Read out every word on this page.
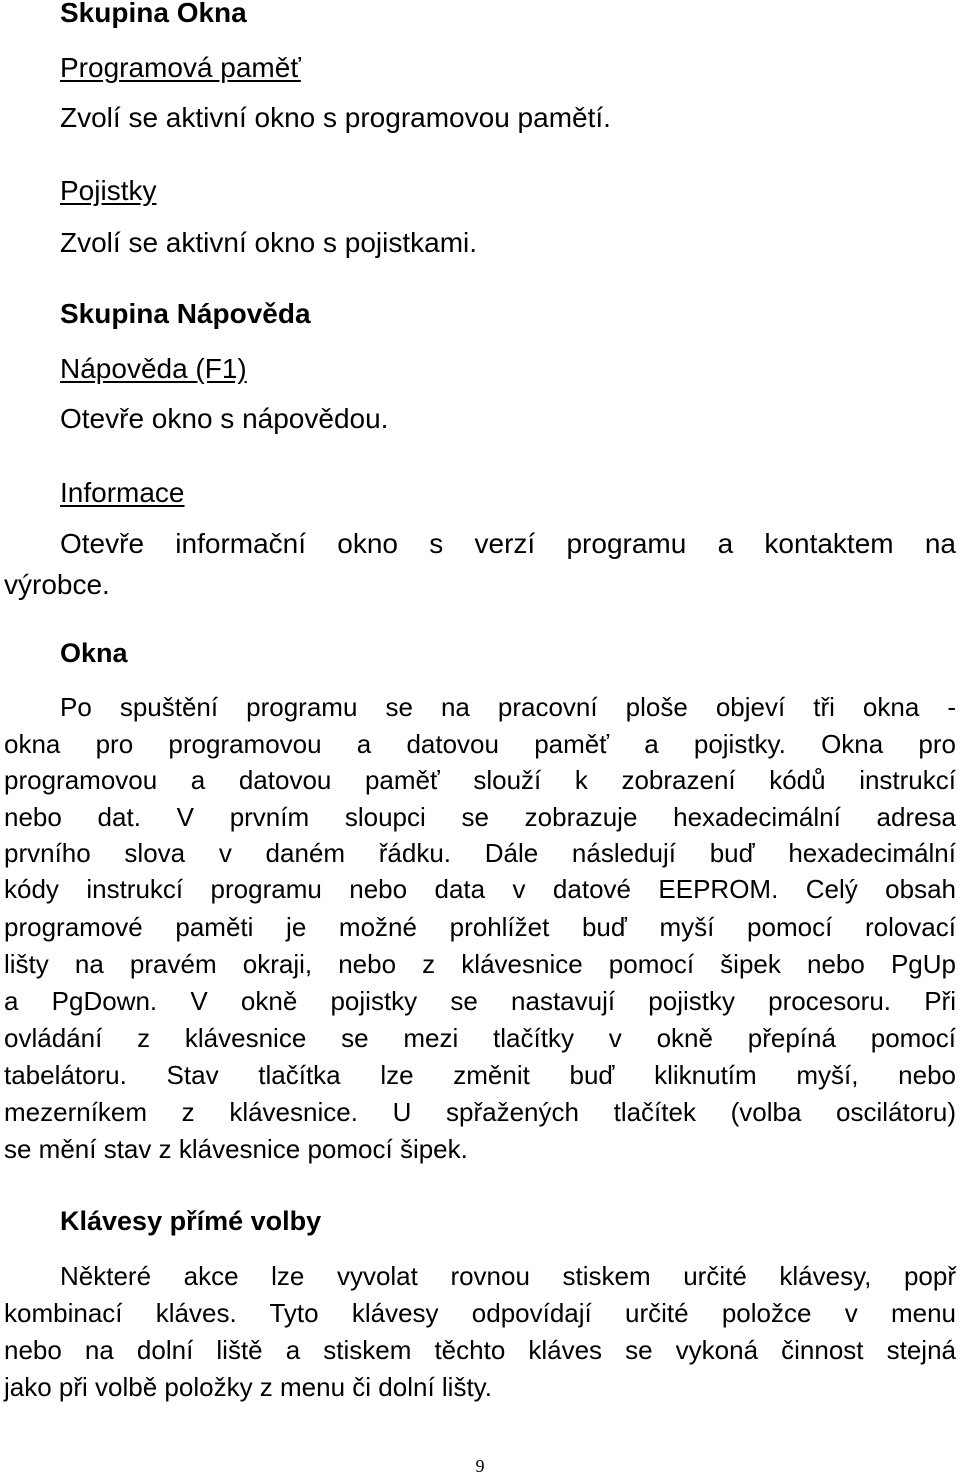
Skupina Okna
Programová paměť
Zvolí se aktivní okno s programovou pamětí.
Pojistky
Zvolí se aktivní okno s pojistkami.
Skupina Nápověda
Nápověda (F1)
Otevře okno s nápovědou.
Informace
Otevře informační okno s verzí programu a kontaktem na
výrobce.
Okna
Po spuštění programu se na pracovní ploše objeví tři okna -
okna pro programovou a datovou paměť a pojistky. Okna pro
programovou a datovou paměť slouží k zobrazení kódů instrukcí
nebo dat. V prvním sloupci se zobrazuje hexadecimální adresa
prvního slova v daném řádku. Dále následují buď hexadecimální
kódy instrukcí programu nebo data v datové EEPROM. Celý obsah
programové paměti je možné prohlížet buď myší pomocí rolovací
lišty na pravém okraji, nebo z klávesnice pomocí šipek nebo PgUp
a PgDown. V okně pojistky se nastavují pojistky procesoru. Při
ovládání z klávesnice se mezi tlačítky v okně přepíná pomocí
tabelátoru. Stav tlačítka lze změnit buď kliknutím myší, nebo
mezerníkem z klávesnice. U spřažených tlačítek (volba oscilátoru)
se mění stav z klávesnice pomocí šipek.
Klávesy přímé volby
Některé akce lze vyvolat rovnou stiskem určité klávesy, popř
kombinací kláves. Tyto klávesy odpovídají určité položce v menu
nebo na dolní liště a stiskem těchto kláves se vykoná činnost stejná
jako při volbě položky z menu či dolní lišty.
9
